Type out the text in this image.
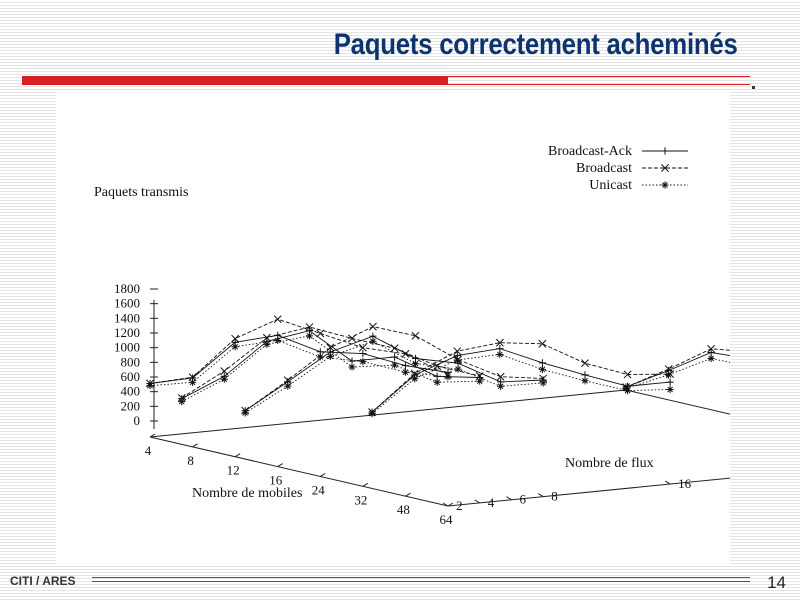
Paquets correctement acheminés
4
8
12
16
24
32
48
64
2 4 6 8
16
0
200
400
600
800
1000
1200
1400
1600
1800
Paquets transmis
Nombre de mobiles
Nombre de flux
Broadcast-Ack
Broadcast
Unicast
CITI / ARES	14
